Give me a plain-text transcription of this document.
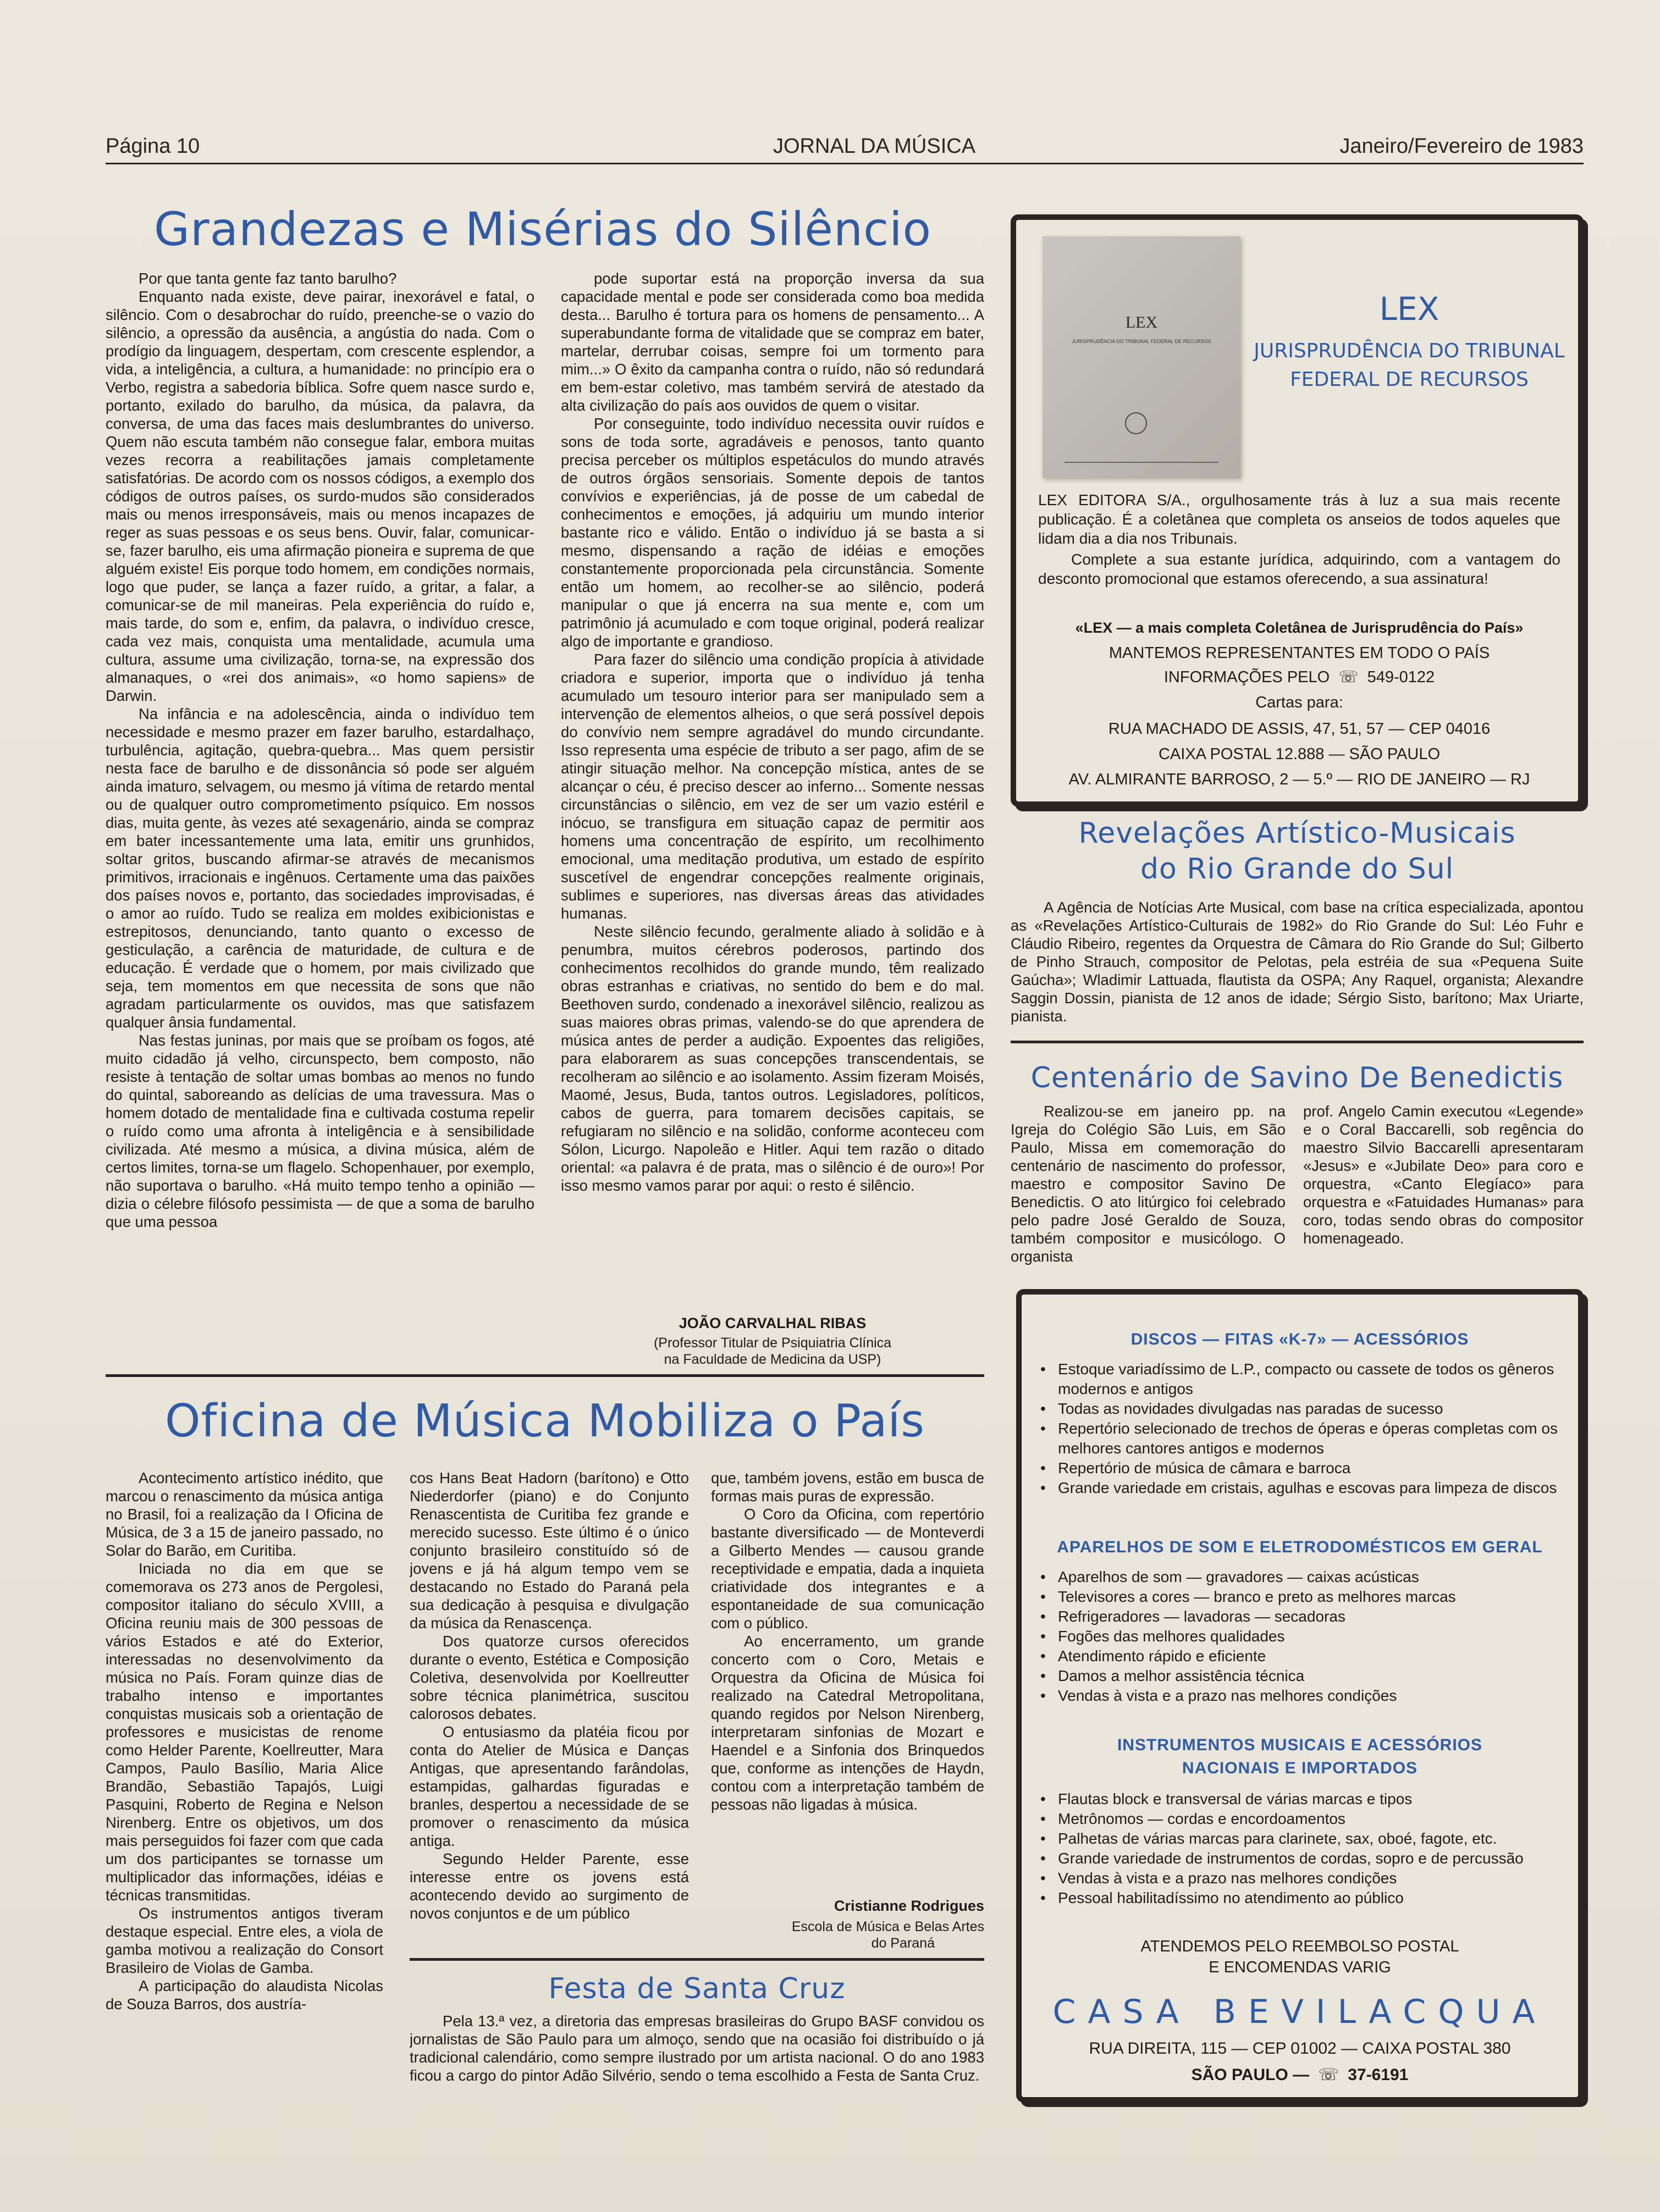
Página 10	JORNAL DA MÚSICA	Janeiro/Fevereiro de 1983
Grandezas e Misérias do Silêncio

Por que tanta gente faz tanto barulho?

Enquanto nada existe, deve pairar, inexorável e fatal, o silêncio. Com o desabrochar do ruído, preenche-se o vazio do silêncio, a opressão da ausência, a angústia do nada. Com o prodígio da linguagem, despertam, com crescente esplendor, a vida, a inteligência, a cultura, a humanidade: no princípio era o Verbo, registra a sabedoria bíblica. Sofre quem nasce surdo e, portanto, exilado do barulho, da música, da palavra, da conversa, de uma das faces mais deslumbrantes do universo. Quem não escuta também não consegue falar, embora muitas vezes recorra a reabilitações jamais completamente satisfatórias. De acordo com os nossos códigos, a exemplo dos códigos de outros países, os surdo-mudos são considerados mais ou menos irresponsáveis, mais ou menos incapazes de reger as suas pessoas e os seus bens. Ouvir, falar, comunicar-se, fazer barulho, eis uma afirmação pioneira e suprema de que alguém existe! Eis porque todo homem, em condições normais, logo que puder, se lança a fazer ruído, a gritar, a falar, a comunicar-se de mil maneiras. Pela experiência do ruído e, mais tarde, do som e, enfim, da palavra, o indivíduo cresce, cada vez mais, conquista uma mentalidade, acumula uma cultura, assume uma civilização, torna-se, na expressão dos almanaques, o «rei dos animais», «o homo sapiens» de Darwin.

Na infância e na adolescência, ainda o indivíduo tem necessidade e mesmo prazer em fazer barulho, estardalhaço, turbulência, agitação, quebra-quebra... Mas quem persistir nesta face de barulho e de dissonância só pode ser alguém ainda imaturo, selvagem, ou mesmo já vítima de retardo mental ou de qualquer outro comprometimento psíquico. Em nossos dias, muita gente, às vezes até sexagenário, ainda se compraz em bater incessantemente uma lata, emitir uns grunhidos, soltar gritos, buscando afirmar-se através de mecanismos primitivos, irracionais e ingênuos. Certamente uma das paixões dos países novos e, portanto, das sociedades improvisadas, é o amor ao ruído. Tudo se realiza em moldes exibicionistas e estrepitosos, denunciando, tanto quanto o excesso de gesticulação, a carência de maturidade, de cultura e de educação. É verdade que o homem, por mais civilizado que seja, tem momentos em que necessita de sons que não agradam particularmente os ouvidos, mas que satisfazem qualquer ânsia fundamental.

Nas festas juninas, por mais que se proíbam os fogos, até muito cidadão já velho, circunspecto, bem composto, não resiste à tentação de soltar umas bombas ao menos no fundo do quintal, saboreando as delícias de uma travessura. Mas o homem dotado de mentalidade fina e cultivada costuma repelir o ruído como uma afronta à inteligência e à sensibilidade civilizada. Até mesmo a música, a divina música, além de certos limites, torna-se um flagelo. Schopenhauer, por exemplo, não suportava o barulho. «Há muito tempo tenho a opinião — dizia o célebre filósofo pessimista — de que a soma de barulho que uma pessoa

pode suportar está na proporção inversa da sua capacidade mental e pode ser considerada como boa medida desta... Barulho é tortura para os homens de pensamento... A superabundante forma de vitalidade que se compraz em bater, martelar, derrubar coisas, sempre foi um tormento para mim...» O êxito da campanha contra o ruído, não só redundará em bem-estar coletivo, mas também servirá de atestado da alta civilização do país aos ouvidos de quem o visitar.

Por conseguinte, todo indivíduo necessita ouvir ruídos e sons de toda sorte, agradáveis e penosos, tanto quanto precisa perceber os múltiplos espetáculos do mundo através de outros órgãos sensoriais. Somente depois de tantos convívios e experiências, já de posse de um cabedal de conhecimentos e emoções, já adquiriu um mundo interior bastante rico e válido. Então o indivíduo já se basta a si mesmo, dispensando a ração de idéias e emoções constantemente proporcionada pela circunstância. Somente então um homem, ao recolher-se ao silêncio, poderá manipular o que já encerra na sua mente e, com um patrimônio já acumulado e com toque original, poderá realizar algo de importante e grandioso.

Para fazer do silêncio uma condição propícia à atividade criadora e superior, importa que o indivíduo já tenha acumulado um tesouro interior para ser manipulado sem a intervenção de elementos alheios, o que será possível depois do convívio nem sempre agradável do mundo circundante. Isso representa uma espécie de tributo a ser pago, afim de se atingir situação melhor. Na concepção mística, antes de se alcançar o céu, é preciso descer ao inferno... Somente nessas circunstâncias o silêncio, em vez de ser um vazio estéril e inócuo, se transfigura em situação capaz de permitir aos homens uma concentração de espírito, um recolhimento emocional, uma meditação produtiva, um estado de espírito suscetível de engendrar concepções realmente originais, sublimes e superiores, nas diversas áreas das atividades humanas.

Neste silêncio fecundo, geralmente aliado à solidão e à penumbra, muitos cérebros poderosos, partindo dos conhecimentos recolhidos do grande mundo, têm realizado obras estranhas e criativas, no sentido do bem e do mal. Beethoven surdo, condenado a inexorável silêncio, realizou as suas maiores obras primas, valendo-se do que aprendera de música antes de perder a audição. Expoentes das religiões, para elaborarem as suas concepções transcendentais, se recolheram ao silêncio e ao isolamento. Assim fizeram Moisés, Maomé, Jesus, Buda, tantos outros. Legisladores, políticos, cabos de guerra, para tomarem decisões capitais, se refugiaram no silêncio e na solidão, conforme aconteceu com Sólon, Licurgo. Napoleão e Hitler. Aqui tem razão o ditado oriental: «a palavra é de prata, mas o silêncio é de ouro»! Por isso mesmo vamos parar por aqui: o resto é silêncio.

JOÃO CARVALHAL RIBAS
(Professor Titular de Psiquiatria Clínica
na Faculdade de Medicina da USP)
LEX
JURISPRUDÊNCIA DO TRIBUNAL FEDERAL DE RECURSOS
LEX
JURISPRUDÊNCIA DO TRIBUNAL
FEDERAL DE RECURSOS
LEX EDITORA S/A., orgulhosamente trás à luz a sua mais recente publicação. É a coletânea que completa os anseios de todos aqueles que lidam dia a dia nos Tribunais.
Complete a sua estante jurídica, adquirindo, com a vantagem do desconto promocional que estamos oferecendo, a sua assinatura!
«LEX — a mais completa Coletânea de Jurisprudência do País»
MANTEMOS REPRESENTANTES EM TODO O PAÍS
INFORMAÇÕES PELO ☏ 549-0122
Cartas para:
RUA MACHADO DE ASSIS, 47, 51, 57 — CEP 04016
CAIXA POSTAL 12.888 — SÃO PAULO
AV. ALMIRANTE BARROSO, 2 — 5.º — RIO DE JANEIRO — RJ
Revelações Artístico-Musicais
do Rio Grande do Sul

A Agência de Notícias Arte Musical, com base na crítica especializada, apontou as «Revelações Artístico-Culturais de 1982» do Rio Grande do Sul: Léo Fuhr e Cláudio Ribeiro, regentes da Orquestra de Câmara do Rio Grande do Sul; Gilberto de Pinho Strauch, compositor de Pelotas, pela estréia de sua «Pequena Suite Gaúcha»; Wladimir Lattuada, flautista da OSPA; Any Raquel, organista; Alexandre Saggin Dossin, pianista de 12 anos de idade; Sérgio Sisto, barítono; Max Uriarte, pianista.

Centenário de Savino De Benedictis

Realizou-se em janeiro pp. na Igreja do Colégio São Luis, em São Paulo, Missa em comemoração do centenário de nascimento do professor, maestro e compositor Savino De Benedictis. O ato litúrgico foi celebrado pelo padre José Geraldo de Souza, também compositor e musicólogo. O organista

prof. Angelo Camin executou «Legende» e o Coral Baccarelli, sob regência do maestro Silvio Baccarelli apresentaram «Jesus» e «Jubilate Deo» para coro e orquestra, «Canto Elegíaco» para orquestra e «Fatuidades Humanas» para coro, todas sendo obras do compositor homenageado.

DISCOS — FITAS «K-7» — ACESSÓRIOS
• Estoque variadíssimo de L.P., compacto ou cassete de todos os gêneros modernos e antigos
• Todas as novidades divulgadas nas paradas de sucesso
• Repertório selecionado de trechos de óperas e óperas completas com os melhores cantores antigos e modernos
• Repertório de música de câmara e barroca
• Grande variedade em cristais, agulhas e escovas para limpeza de discos
APARELHOS DE SOM E ELETRODOMÉSTICOS EM GERAL
• Aparelhos de som — gravadores — caixas acústicas
• Televisores a cores — branco e preto as melhores marcas
• Refrigeradores — lavadoras — secadoras
• Fogões das melhores qualidades
• Atendimento rápido e eficiente
• Damos a melhor assistência técnica
• Vendas à vista e a prazo nas melhores condições
INSTRUMENTOS MUSICAIS E ACESSÓRIOS
NACIONAIS E IMPORTADOS
• Flautas block e transversal de várias marcas e tipos
• Metrônomos — cordas e encordoamentos
• Palhetas de várias marcas para clarinete, sax, oboé, fagote, etc.
• Grande variedade de instrumentos de cordas, sopro e de percussão
• Vendas à vista e a prazo nas melhores condições
• Pessoal habilitadíssimo no atendimento ao público
ATENDEMOS PELO REEMBOLSO POSTAL
E ENCOMENDAS VARIG
CASA BEVILACQUA
RUA DIREITA, 115 — CEP 01002 — CAIXA POSTAL 380
SÃO PAULO — ☏ 37-6191
Oficina de Música Mobiliza o País

Acontecimento artístico inédito, que marcou o renascimento da música antiga no Brasil, foi a realização da I Oficina de Música, de 3 a 15 de janeiro passado, no Solar do Barão, em Curitiba.

Iniciada no dia em que se comemorava os 273 anos de Pergolesi, compositor italiano do século XVIII, a Oficina reuniu mais de 300 pessoas de vários Estados e até do Exterior, interessadas no desenvolvimento da música no País. Foram quinze dias de trabalho intenso e importantes conquistas musicais sob a orientação de professores e musicistas de renome como Helder Parente, Koellreutter, Mara Campos, Paulo Basílio, Maria Alice Brandão, Sebastião Tapajós, Luigi Pasquini, Roberto de Regina e Nelson Nirenberg. Entre os objetivos, um dos mais perseguidos foi fazer com que cada um dos participantes se tornasse um multiplicador das informações, idéias e técnicas transmitidas.

Os instrumentos antigos tiveram destaque especial. Entre eles, a viola de gamba motivou a realização do Consort Brasileiro de Violas de Gamba.

A participação do alaudista Nicolas de Souza Barros, dos austría-

cos Hans Beat Hadorn (barítono) e Otto Niederdorfer (piano) e do Conjunto Renascentista de Curitiba fez grande e merecido sucesso. Este último é o único conjunto brasileiro constituído só de jovens e já há algum tempo vem se destacando no Estado do Paraná pela sua dedicação à pesquisa e divulgação da música da Renascença.

Dos quatorze cursos oferecidos durante o evento, Estética e Composição Coletiva, desenvolvida por Koellreutter sobre técnica planimétrica, suscitou calorosos debates.

O entusiasmo da platéia ficou por conta do Atelier de Música e Danças Antigas, que apresentando farândolas, estampidas, galhardas figuradas e branles, despertou a necessidade de se promover o renascimento da música antiga.

Segundo Helder Parente, esse interesse entre os jovens está acontecendo devido ao surgimento de novos conjuntos e de um público

que, também jovens, estão em busca de formas mais puras de expressão.

O Coro da Oficina, com repertório bastante diversificado — de Monteverdi a Gilberto Mendes — causou grande receptividade e empatia, dada a inquieta criatividade dos integrantes e a espontaneidade de sua comunicação com o público.

Ao encerramento, um grande concerto com o Coro, Metais e Orquestra da Oficina de Música foi realizado na Catedral Metropolitana, quando regidos por Nelson Nirenberg, interpretaram sinfonias de Mozart e Haendel e a Sinfonia dos Brinquedos que, conforme as intenções de Haydn, contou com a interpretação também de pessoas não ligadas à música.

Cristianne Rodrigues
Escola de Música e Belas Artes
do Paraná
Festa de Santa Cruz

Pela 13.ª vez, a diretoria das empresas brasileiras do Grupo BASF convidou os jornalistas de São Paulo para um almoço, sendo que na ocasião foi distribuído o já tradicional calendário, como sempre ilustrado por um artista nacional. O do ano 1983 ficou a cargo do pintor Adão Silvério, sendo o tema escolhido a Festa de Santa Cruz.
